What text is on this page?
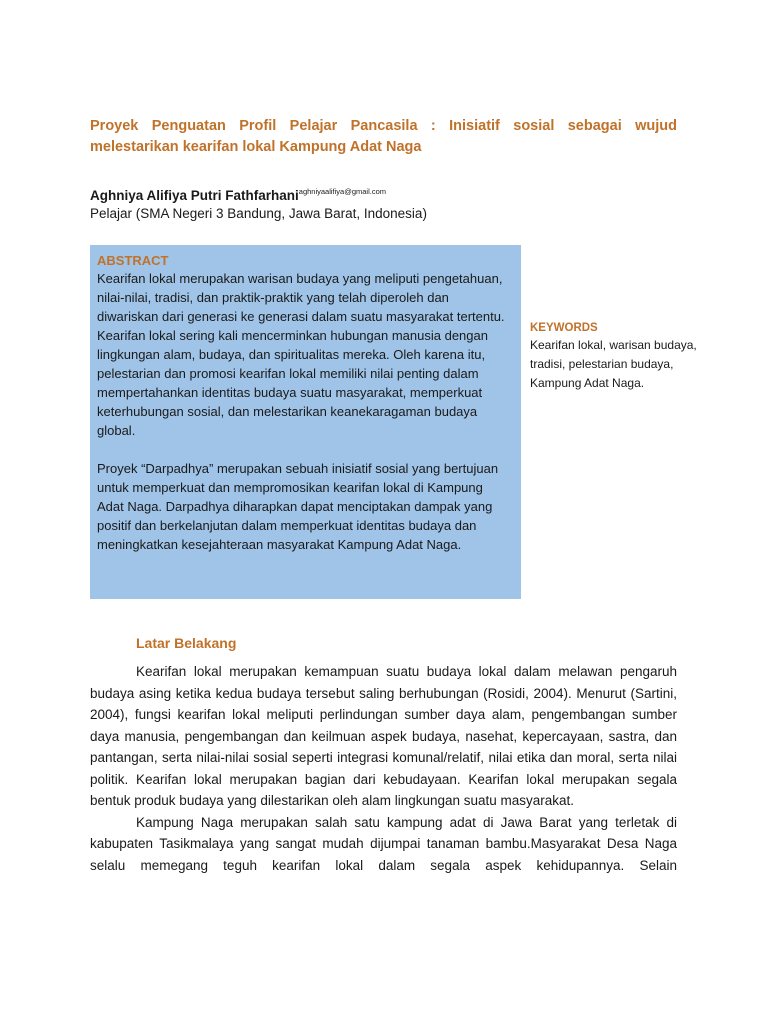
Proyek Penguatan Profil Pelajar Pancasila : Inisiatif sosial sebagai wujud melestarikan kearifan lokal Kampung Adat Naga
Aghniya Alifiya Putri Fathfarhani$^{aghniyaalifiya@gmail.com}$
Pelajar (SMA Negeri 3 Bandung, Jawa Barat, Indonesia)
ABSTRACT

Kearifan lokal merupakan warisan budaya yang meliputi pengetahuan, nilai-nilai, tradisi, dan praktik-praktik yang telah diperoleh dan diwariskan dari generasi ke generasi dalam suatu masyarakat tertentu. Kearifan lokal sering kali mencerminkan hubungan manusia dengan lingkungan alam, budaya, dan spiritualitas mereka. Oleh karena itu, pelestarian dan promosi kearifan lokal memiliki nilai penting dalam mempertahankan identitas budaya suatu masyarakat, memperkuat keterhubungan sosial, dan melestarikan keanekaragaman budaya global.

Proyek “Darpadhya” merupakan sebuah inisiatif sosial yang bertujuan untuk memperkuat dan mempromosikan kearifan lokal di Kampung Adat Naga. Darpadhya diharapkan dapat menciptakan dampak yang positif dan berkelanjutan dalam memperkuat identitas budaya dan meningkatkan kesejahteraan masyarakat Kampung Adat Naga.

KEYWORDS

Kearifan lokal, warisan budaya, tradisi, pelestarian budaya, Kampung Adat Naga.

Latar Belakang

Kearifan lokal merupakan kemampuan suatu budaya lokal dalam melawan pengaruh budaya asing ketika kedua budaya tersebut saling berhubungan (Rosidi, 2004). Menurut (Sartini, 2004), fungsi kearifan lokal meliputi perlindungan sumber daya alam, pengembangan sumber daya manusia, pengembangan dan keilmuan aspek budaya, nasehat, kepercayaan, sastra, dan pantangan, serta nilai-nilai sosial seperti integrasi komunal/relatif, nilai etika dan moral, serta nilai politik. Kearifan lokal merupakan bagian dari kebudayaan. Kearifan lokal merupakan segala bentuk produk budaya yang dilestarikan oleh alam lingkungan suatu masyarakat.

Kampung Naga merupakan salah satu kampung adat di Jawa Barat yang terletak di kabupaten Tasikmalaya yang sangat mudah dijumpai tanaman bambu.Masyarakat Desa Naga selalu memegang teguh kearifan lokal dalam segala aspek kehidupannya. Selain
